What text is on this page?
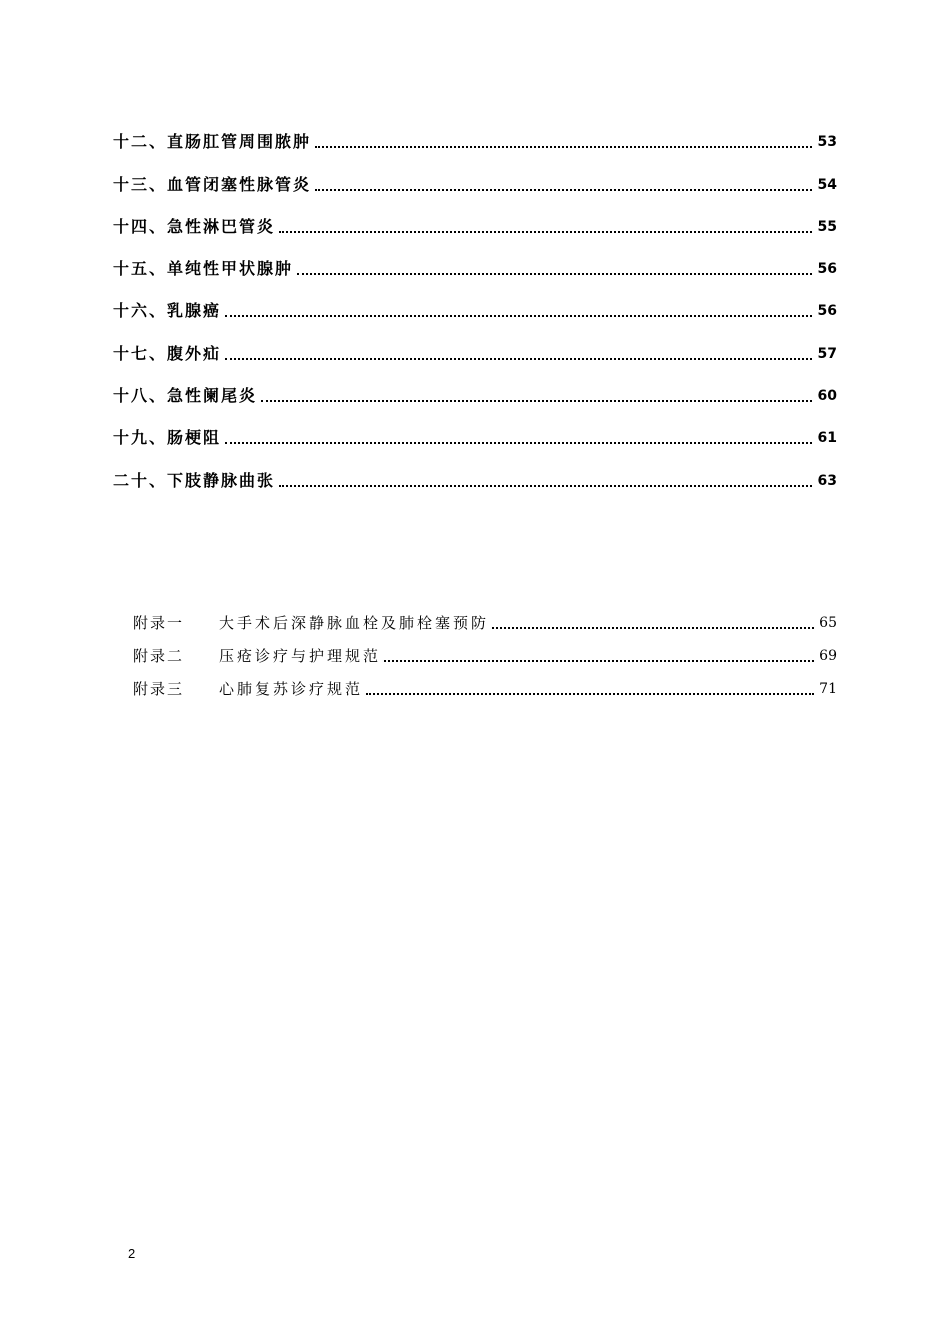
十二、 直肠肛管周围脓肿	53
十三、 血管闭塞性脉管炎	54
十四、 急性淋巴管炎	55
十五、 单纯性甲状腺肿	56
十六、 乳腺癌	56
十七、 腹外疝	57
十八、 急性阑尾炎	60
十九、 肠梗阻	61
二十、 下肢静脉曲张	63
附录一	大手术后深静脉血栓及肺栓塞预防	65
附录二	压疮诊疗与护理规范	69
附录三	心肺复苏诊疗规范	71
2
